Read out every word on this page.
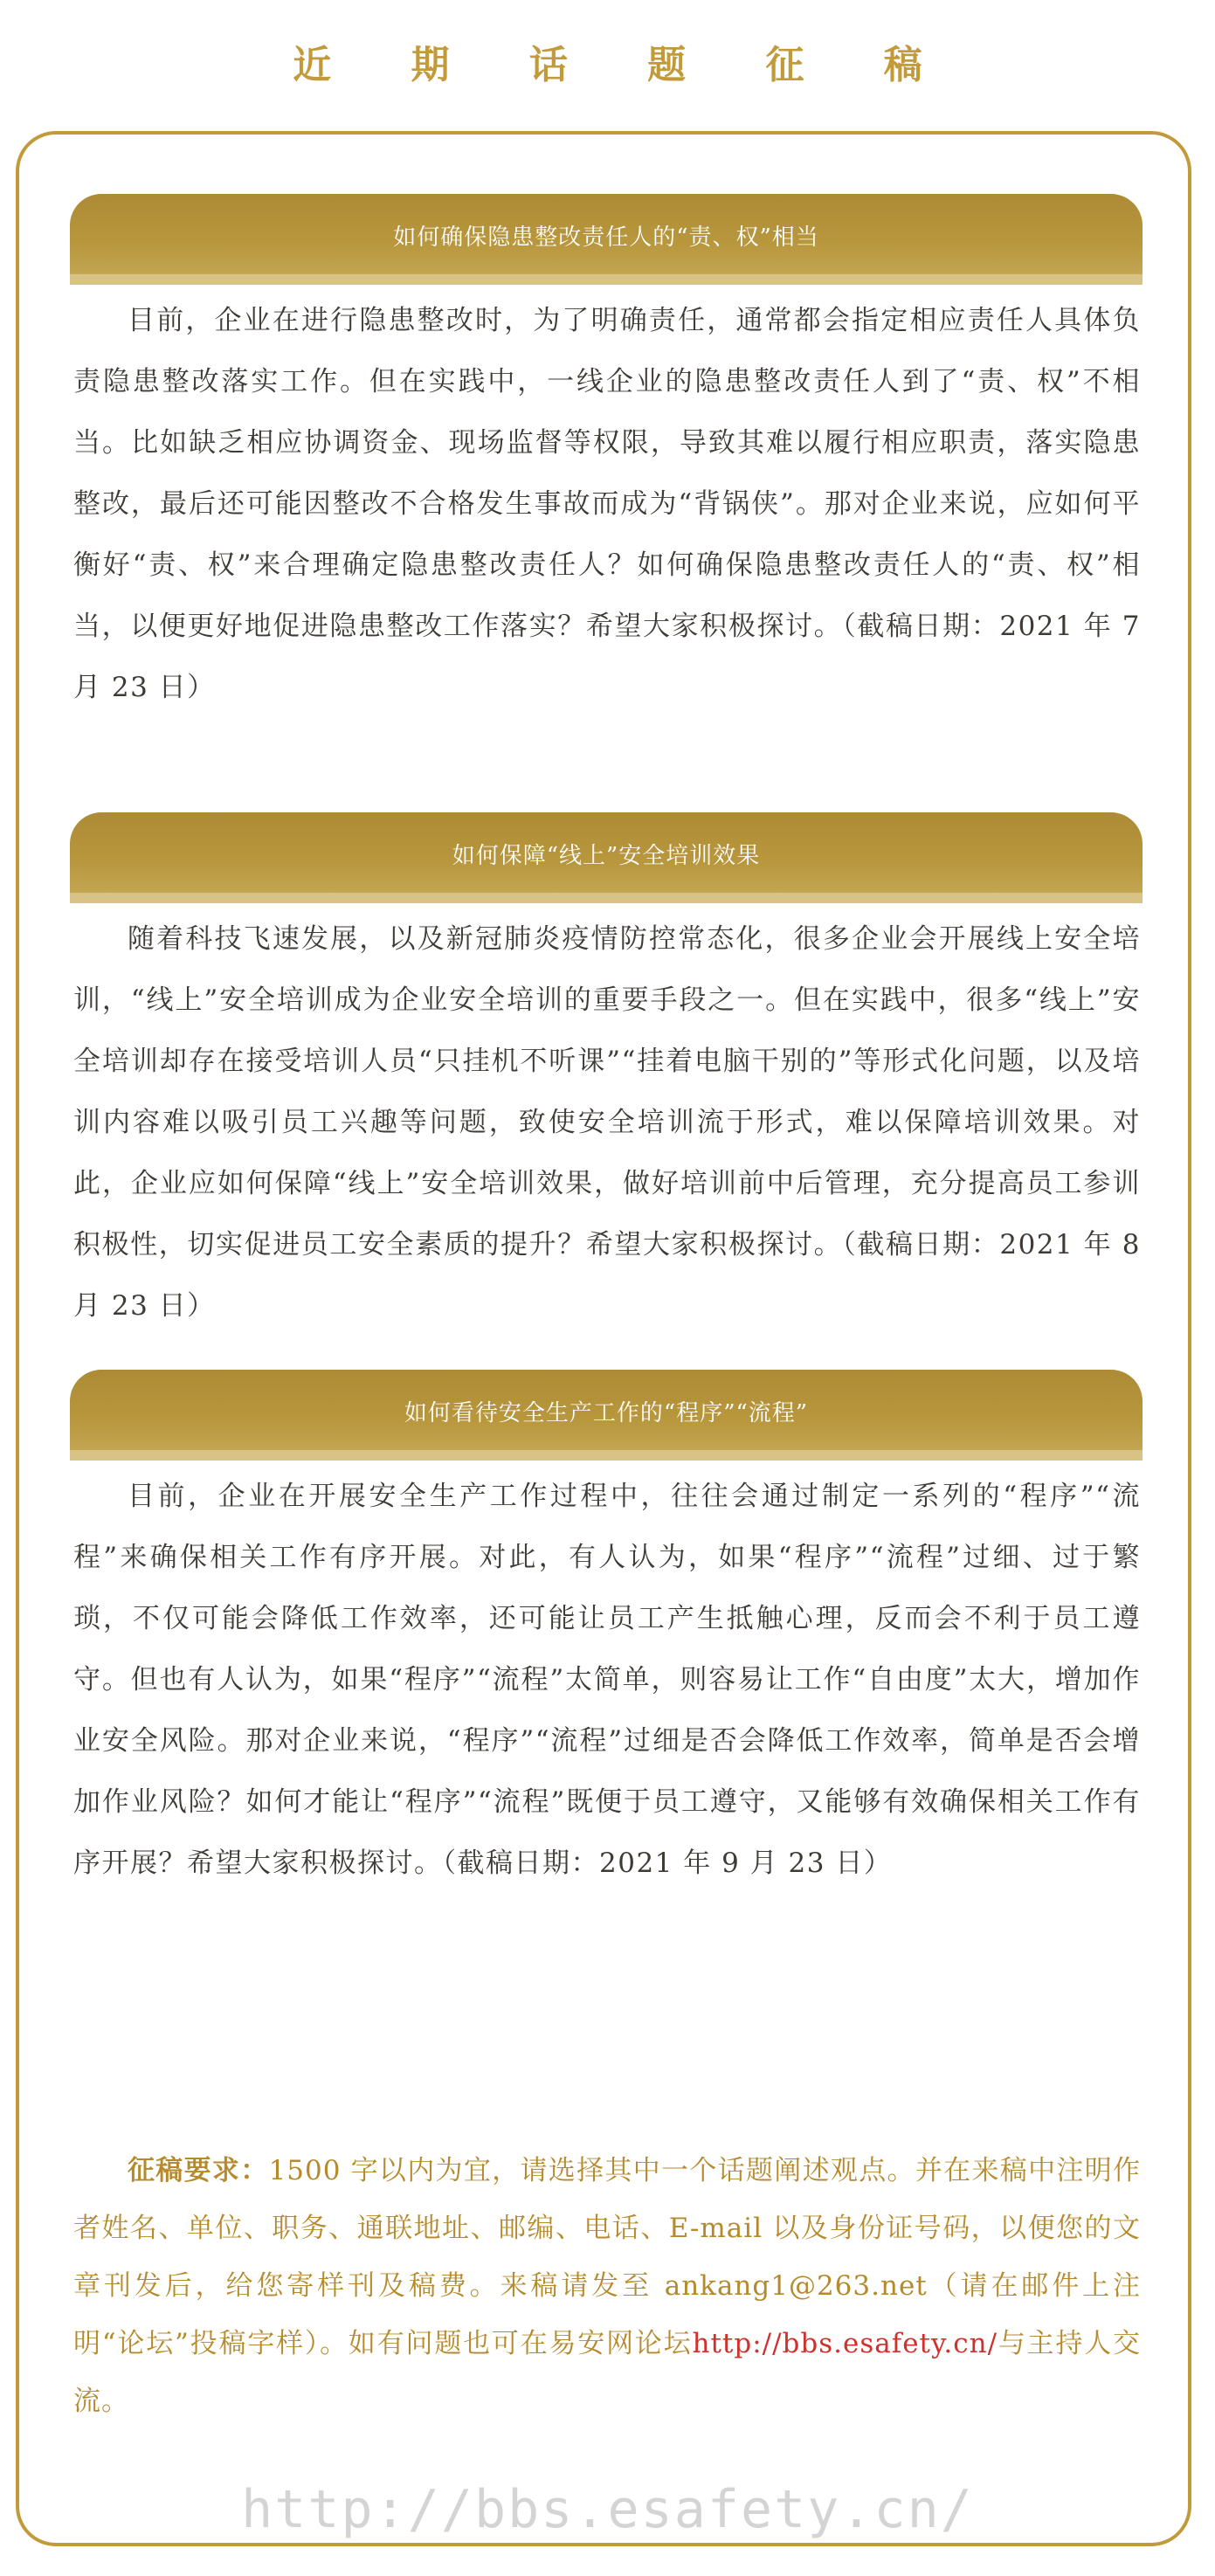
近 期 话 题 征 稿
如何确保隐患整改责任人的“责、权”相当

目前，企业在进行隐患整改时，为了明确责任，通常都会指定相应责任人具体负责隐患整改落实工作。但在实践中，一线企业的隐患整改责任人到了“责、权”不相当。比如缺乏相应协调资金、现场监督等权限，导致其难以履行相应职责，落实隐患整改，最后还可能因整改不合格发生事故而成为“背锅侠”。那对企业来说，应如何平衡好“责、权”来合理确定隐患整改责任人？如何确保隐患整改责任人的“责、权”相当，以便更好地促进隐患整改工作落实？希望大家积极探讨。（截稿日期：2021 年 7 月 23 日）

如何保障“线上”安全培训效果

随着科技飞速发展，以及新冠肺炎疫情防控常态化，很多企业会开展线上安全培训，“线上”安全培训成为企业安全培训的重要手段之一。但在实践中，很多“线上”安全培训却存在接受培训人员“只挂机不听课”“挂着电脑干别的”等形式化问题，以及培训内容难以吸引员工兴趣等问题，致使安全培训流于形式，难以保障培训效果。对此，企业应如何保障“线上”安全培训效果，做好培训前中后管理，充分提高员工参训积极性，切实促进员工安全素质的提升？希望大家积极探讨。（截稿日期：2021 年 8 月 23 日）

如何看待安全生产工作的“程序”“流程”

目前，企业在开展安全生产工作过程中，往往会通过制定一系列的“程序”“流程”来确保相关工作有序开展。对此，有人认为，如果“程序”“流程”过细、过于繁琐，不仅可能会降低工作效率，还可能让员工产生抵触心理，反而会不利于员工遵守。但也有人认为，如果“程序”“流程”太简单，则容易让工作“自由度”太大，增加作业安全风险。那对企业来说，“程序”“流程”过细是否会降低工作效率，简单是否会增加作业风险？如何才能让“程序”“流程”既便于员工遵守，又能够有效确保相关工作有序开展？希望大家积极探讨。（截稿日期：2021 年 9 月 23 日）

征稿要求：1500 字以内为宜，请选择其中一个话题阐述观点。并在来稿中注明作者姓名、单位、职务、通联地址、邮编、电话、E-mail 以及身份证号码，以便您的文章刊发后，给您寄样刊及稿费。来稿请发至 ankang1@263.net（请在邮件上注明“论坛”投稿字样）。如有问题也可在易安网论坛http://bbs.esafety.cn/与主持人交流。

http://bbs.esafety.cn/
